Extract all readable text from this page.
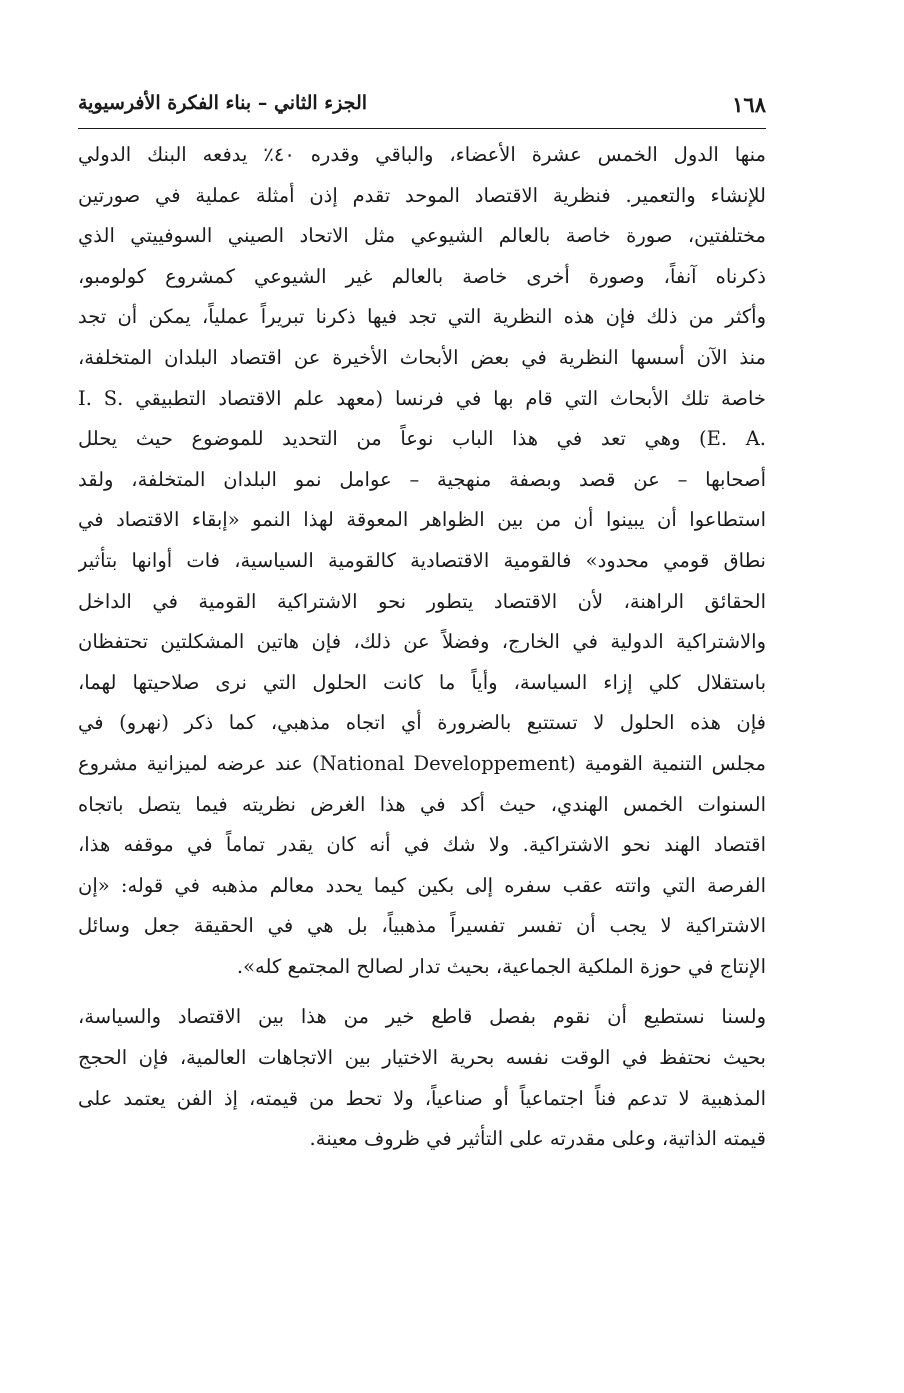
١٦٨
الجزء الثاني – بناء الفكرة الأفرسيوية
منها الدول الخمس عشرة الأعضاء، والباقي وقدره ٤٠٪ يدفعه البنك الدولي
للإنشاء والتعمير. فنظرية الاقتصاد الموحد تقدم إذن أمثلة عملية في صورتين
مختلفتين، صورة خاصة بالعالم الشيوعي مثل الاتحاد الصيني السوفييتي الذي
ذكرناه آنفاً، وصورة أخرى خاصة بالعالم غير الشيوعي كمشروع كولومبو،
وأكثر من ذلك فإن هذه النظرية التي تجد فيها ذكرنا تبريراً عملياً، يمكن أن تجد
منذ الآن أسسها النظرية في بعض الأبحاث الأخيرة عن اقتصاد البلدان المتخلفة،
خاصة تلك الأبحاث التي قام بها في فرنسا (معهد علم الاقتصاد التطبيقي .I. S
.E. A) وهي تعد في هذا الباب نوعاً من التحديد للموضوع حيث يحلل
أصحابها – عن قصد وبصفة منهجية – عوامل نمو البلدان المتخلفة، ولقد
استطاعوا أن يبينوا أن من بين الظواهر المعوقة لهذا النمو «إبقاء الاقتصاد في
نطاق قومي محدود» فالقومية الاقتصادية كالقومية السياسية، فات أوانها بتأثير
الحقائق الراهنة، لأن الاقتصاد يتطور نحو الاشتراكية القومية في الداخل
والاشتراكية الدولية في الخارج، وفضلاً عن ذلك، فإن هاتين المشكلتين تحتفظان
باستقلال كلي إزاء السياسة، وأياً ما كانت الحلول التي نرى صلاحيتها لهما،
فإن هذه الحلول لا تستتبع بالضرورة أي اتجاه مذهبي، كما ذكر (نهرو) في
مجلس التنمية القومية (National Developpement) عند عرضه لميزانية مشروع
السنوات الخمس الهندي، حيث أكد في هذا الغرض نظريته فيما يتصل باتجاه
اقتصاد الهند نحو الاشتراكية. ولا شك في أنه كان يقدر تماماً في موقفه هذا،
الفرصة التي واتته عقب سفره إلى بكين كيما يحدد معالم مذهبه في قوله: «إن
الاشتراكية لا يجب أن تفسر تفسيراً مذهبياً، بل هي في الحقيقة جعل وسائل
الإنتاج في حوزة الملكية الجماعية، بحيث تدار لصالح المجتمع كله».
ولسنا نستطيع أن نقوم بفصل قاطع خير من هذا بين الاقتصاد والسياسة،
بحيث نحتفظ في الوقت نفسه بحرية الاختيار بين الاتجاهات العالمية، فإن الحجج
المذهبية لا تدعم فناً اجتماعياً أو صناعياً، ولا تحط من قيمته، إذ الفن يعتمد على
قيمته الذاتية، وعلى مقدرته على التأثير في ظروف معينة.
